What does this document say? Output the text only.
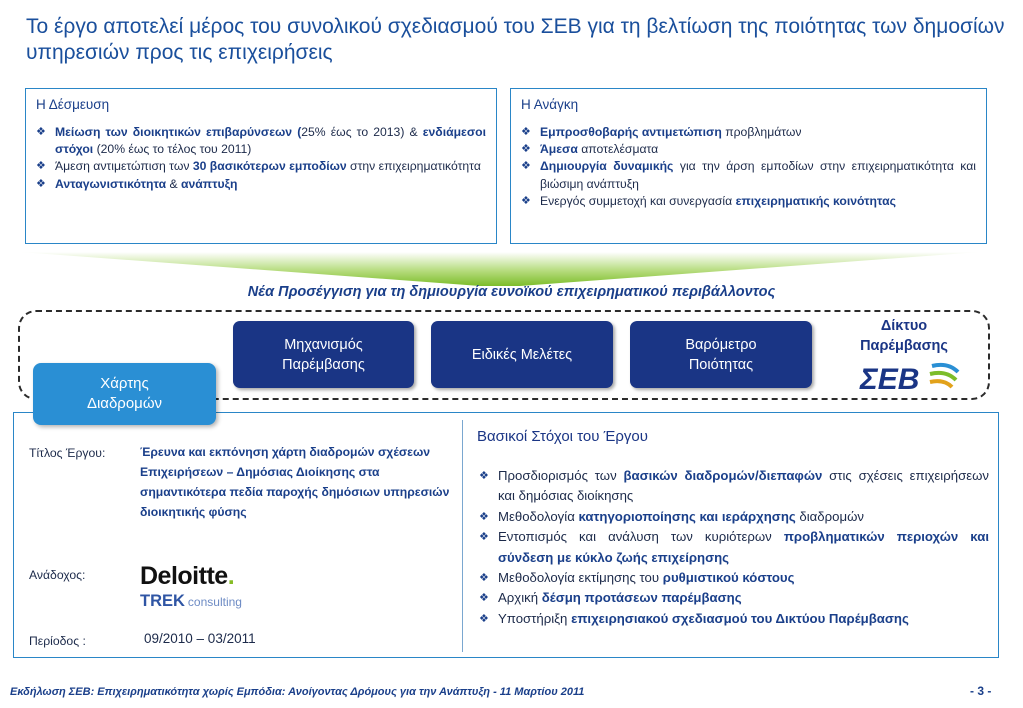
Το έργο αποτελεί μέρος του συνολικού σχεδιασμού του ΣΕΒ για τη βελτίωση της ποιότητας των δημοσίων υπηρεσιών προς τις επιχειρήσεις
Η Δέσμευση
❖ Μείωση των διοικητικών επιβαρύνσεων (25% έως το 2013) & ενδιάμεσοι στόχοι (20% έως το τέλος του 2011)
❖ Άμεση αντιμετώπιση των 30 βασικότερων εμποδίων στην επιχειρηματικότητα
❖ Ανταγωνιστικότητα & ανάπτυξη
Η Ανάγκη
❖ Εμπροσθοβαρής αντιμετώπιση προβλημάτων
❖ Άμεσα αποτελέσματα
❖ Δημιουργία δυναμικής για την άρση εμποδίων στην επιχειρηματικότητα και βιώσιμη ανάπτυξη
❖ Ενεργός συμμετοχή και συνεργασία επιχειρηματικής κοινότητας
Νέα Προσέγγιση για τη δημιουργία ευνοϊκού επιχειρηματικού περιβάλλοντος
Μηχανισμός
Παρέμβασης
Ειδικές Μελέτες
Βαρόμετρο
Ποιότητας
Δίκτυο
Παρέμβασης
ΣΕΒ
Χάρτης
Διαδρομών
Τίτλος Έργου:	Έρευνα και εκπόνηση χάρτη διαδρομών σχέσεων Επιχειρήσεων – Δημόσιας Διοίκησης στα σημαντικότερα πεδία παροχής δημόσιων υπηρεσιών διοικητικής φύσης
Ανάδοχος: Deloitte.
TREK consulting
Περίοδος :	09/2010 – 03/2011
Βασικοί Στόχοι του Έργου
❖ Προσδιορισμός των βασικών διαδρομών/διεπαφών στις σχέσεις επιχειρήσεων και δημόσιας διοίκησης
❖ Μεθοδολογία κατηγοριοποίησης και ιεράρχησης διαδρομών
❖ Εντοπισμός και ανάλυση των κυριότερων προβληματικών περιοχών και σύνδεση με κύκλο ζωής επιχείρησης
❖ Μεθοδολογία εκτίμησης του ρυθμιστικού κόστους
❖ Αρχική δέσμη προτάσεων παρέμβασης
❖ Υποστήριξη επιχειρησιακού σχεδιασμού του Δικτύου Παρέμβασης
Εκδήλωση ΣΕΒ: Επιχειρηματικότητα χωρίς Εμπόδια: Ανοίγοντας Δρόμους για την Ανάπτυξη - 11 Μαρτίου 2011	- 3 -
